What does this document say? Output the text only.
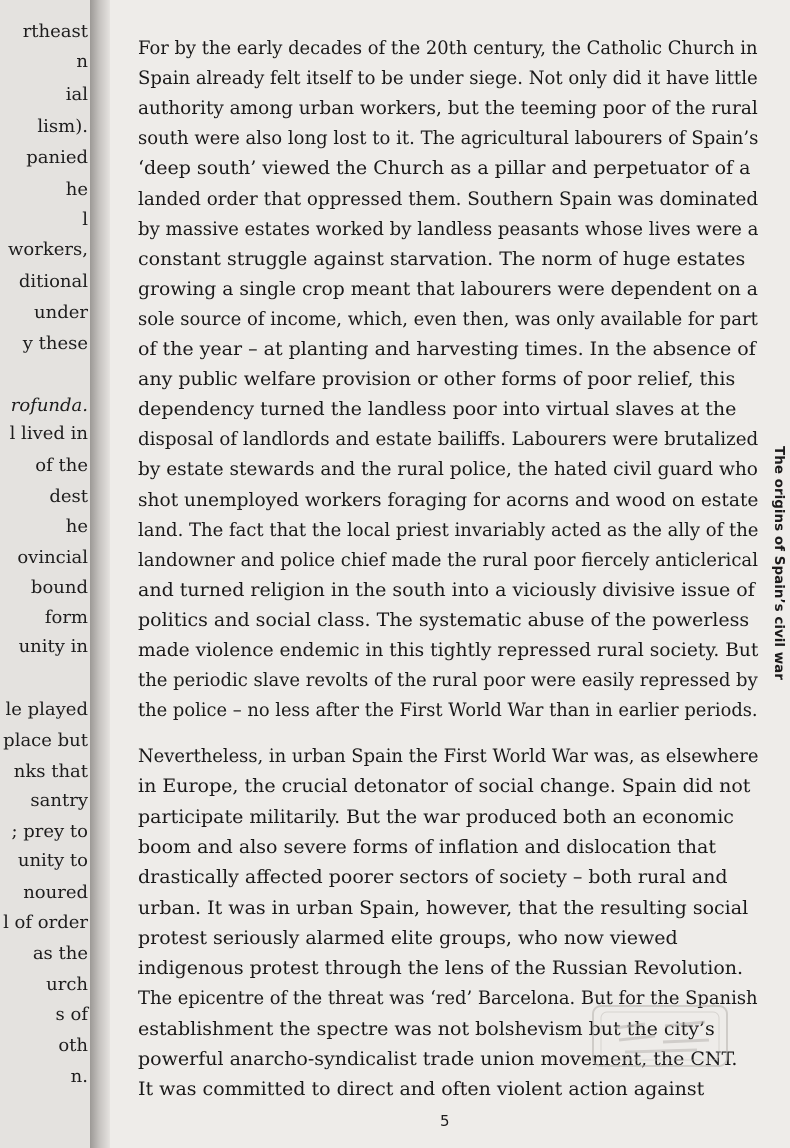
rtheast
n
ial
lism).
panied
he
l
workers,
ditional
under
y these
rofunda.
l lived in
of the
dest
he
ovincial
bound
form
unity in
le played
place but
nks that
santry
; prey to
unity to
noured
l of order
as the
urch
s of
oth
n.
For by the early decades of the 20th century, the Catholic Church in
Spain already felt itself to be under siege. Not only did it have little
authority among urban workers, but the teeming poor of the rural
south were also long lost to it. The agricultural labourers of Spain’s
‘deep south’ viewed the Church as a pillar and perpetuator of a
landed order that oppressed them. Southern Spain was dominated
by massive estates worked by landless peasants whose lives were a
constant struggle against starvation. The norm of huge estates
growing a single crop meant that labourers were dependent on a
sole source of income, which, even then, was only available for part
of the year – at planting and harvesting times. In the absence of
any public welfare provision or other forms of poor relief, this
dependency turned the landless poor into virtual slaves at the
disposal of landlords and estate bailiffs. Labourers were brutalized
by estate stewards and the rural police, the hated civil guard who
shot unemployed workers foraging for acorns and wood on estate
land. The fact that the local priest invariably acted as the ally of the
landowner and police chief made the rural poor fiercely anticlerical
and turned religion in the south into a viciously divisive issue of
politics and social class. The systematic abuse of the powerless
made violence endemic in this tightly repressed rural society. But
the periodic slave revolts of the rural poor were easily repressed by
the police – no less after the First World War than in earlier periods.
Nevertheless, in urban Spain the First World War was, as elsewhere
in Europe, the crucial detonator of social change. Spain did not
participate militarily. But the war produced both an economic
boom and also severe forms of inflation and dislocation that
drastically affected poorer sectors of society – both rural and
urban. It was in urban Spain, however, that the resulting social
protest seriously alarmed elite groups, who now viewed
indigenous protest through the lens of the Russian Revolution.
The epicentre of the threat was ‘red’ Barcelona. But for the Spanish
establishment the spectre was not bolshevism but the city’s
powerful anarcho-syndicalist trade union movement, the CNT.
It was committed to direct and often violent action against
The origins of Spain’s civil war
5
